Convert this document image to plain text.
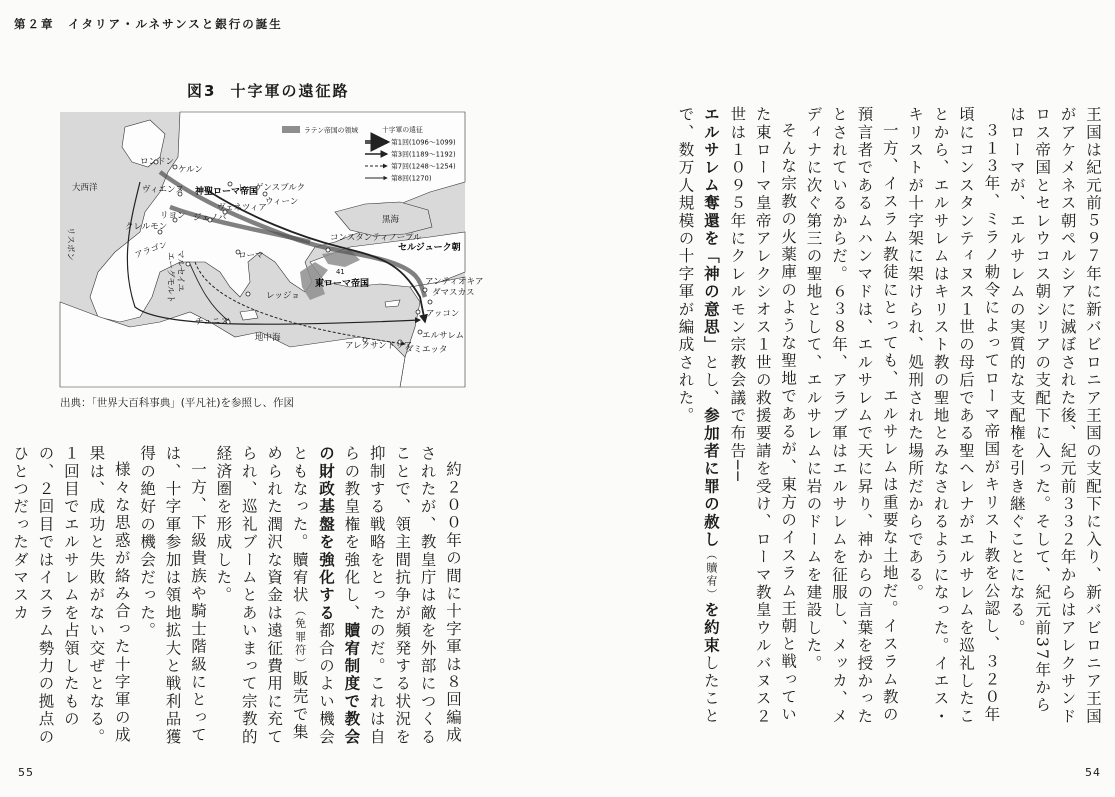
第２章　イタリア・ルネサンスと銀行の誕生
図3 十字軍の遠征路
ラテン帝国の領域	十字軍の遠征
第1回(1096〜1099)
第3回(1189〜1192)
第7回(1248〜1254)
第8回(1270)
ロンドン
ケルン
神聖ローマ帝国
大西洋	ヴィエンヌ	レーゲンスブルク
ウィーン
ヴェネツィア
ジェノバ
リヨン
クレルモン
アラゴン
リスボン
マルセイユ
エーグモルト
黒海
コンスタンティノープル
セルジューク朝
ローマ
東ローマ帝国
41
アンティオキア
ダマスカス
レッジョ
チュニス
アッコン
地中海
アレクサンドリア
エルサレム
ダミエッタ
出典：「世界大百科事典」(平凡社)を参照し、作図

約２００年の間に十字軍は８回編成されたが、教皇庁は敵を外部につくることで、領主間抗争が頻発する状況を抑制する戦略をとったのだ。これは自らの教皇権を強化し、贖宥制度で教会の財政基盤を強化する都合のよい機会ともなった。贖宥状（免罪符）販売で集められた潤沢な資金は遠征費用に充てられ、巡礼ブームとあいまって宗教的経済圏を形成した。

一方、下級貴族や騎士階級にとっては、十字軍参加は領地拡大と戦利品獲得の絶好の機会だった。

様々な思惑が絡み合った十字軍の成果は、成功と失敗がない交ぜとなる。１回目でエルサレムを占領したものの、２回目ではイスラム勢力の拠点のひとつだったダマスカ	王国は紀元前５９７年に新バビロニア王国の支配下に入り、新バビロニア王国がアケメネス朝ペルシアに滅ぼされた後、紀元前３３２年からはアレクサンドロス帝国とセレウコス朝シリアの支配下に入った。そして、紀元前37年からはローマが、エルサレムの実質的な支配権を引き継ぐことになる。

３１３年、ミラノ勅令によってローマ帝国がキリスト教を公認し、３２０年頃にコンスタンティヌス１世の母后である聖ヘレナがエルサレムを巡礼したことから、エルサレムはキリスト教の聖地とみなされるようになった。イエス・キリストが十字架に架けられ、処刑された場所だからである。

一方、イスラム教徒にとっても、エルサレムは重要な土地だ。イスラム教の預言者であるムハンマドは、エルサレムで天に昇り、神からの言葉を授かったとされているからだ。６３８年、アラブ軍はエルサレムを征服し、メッカ、メディナに次ぐ第三の聖地として、エルサレムに岩のドームを建設した。

そんな宗教の火薬庫のような聖地であるが、東方のイスラム王朝と戦っていた東ローマ皇帝アレクシオス１世の救援要請を受け、ローマ教皇ウルバヌス２世は１０９５年にクレルモン宗教会議で布告──エルサレム奪還を「神の意思」とし、参加者に罪の赦し（贖宥）を約束したことで、数万人規模の十字軍が編成された。

55	54
